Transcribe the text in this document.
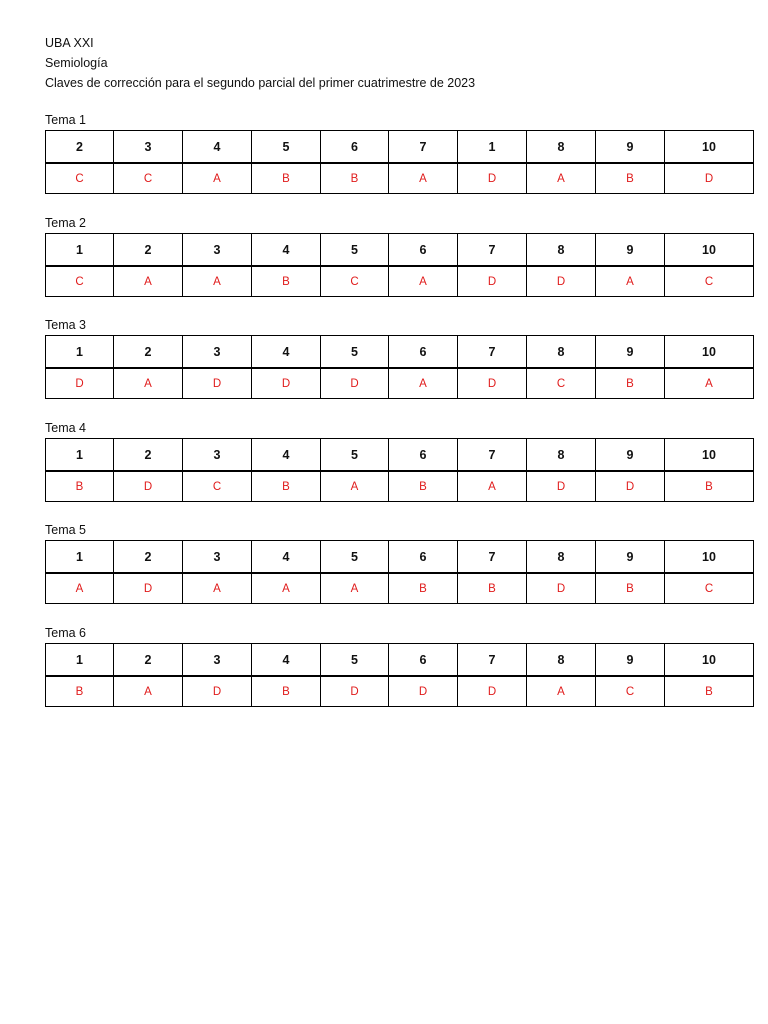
UBA XXI
Semiología
Claves de corrección para el segundo parcial del primer cuatrimestre de 2023
Tema 1
2	3	4	5	6	7	1	8	9	10
C	C	A	B	B	A	D	A	B	D
Tema 2
1	2	3	4	5	6	7	8	9	10
C	A	A	B	C	A	D	D	A	C
Tema 3
1	2	3	4	5	6	7	8	9	10
D	A	D	D	D	A	D	C	B	A
Tema 4
1	2	3	4	5	6	7	8	9	10
B	D	C	B	A	B	A	D	D	B
Tema 5
1	2	3	4	5	6	7	8	9	10
A	D	A	A	A	B	B	D	B	C
Tema 6
1	2	3	4	5	6	7	8	9	10
B	A	D	B	D	D	D	A	C	B
